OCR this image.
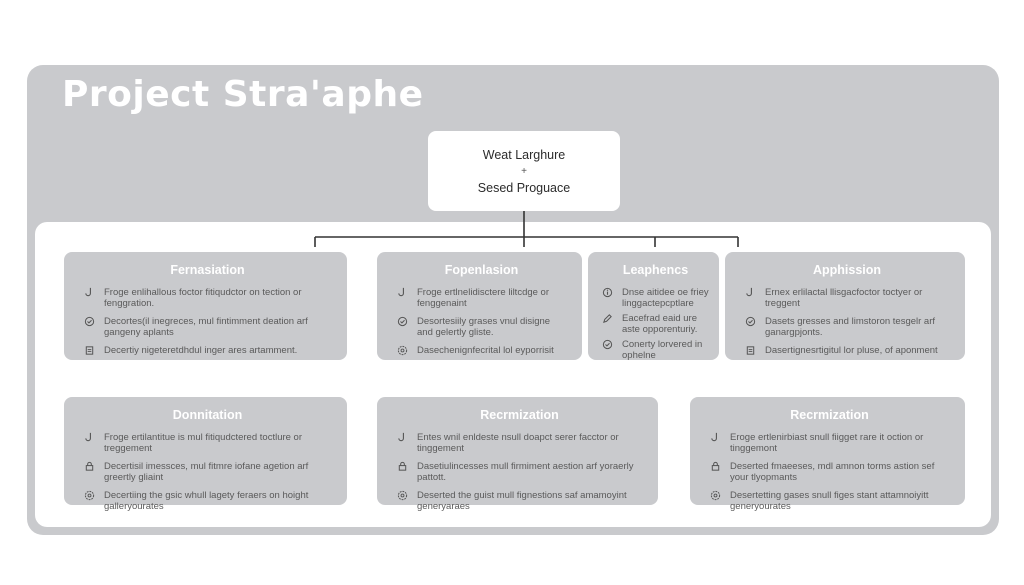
Project Stra'aphe
Weat Larghure
+
Sesed Proguace
Fernasiation
Froge enlihallous foctor fitiqudctor on tection or fenggration.
Decortes(il inegreces, mul fintimment deation arf gangeny aplants
Decertiy nigeteretdhdul inger ares artamment.
Fopenlasion
Froge ertlnelidisctere liltcdge or fenggenaint
Desortesiily grases vnul disigne and gelertly gliste.
Dasechenignfecrital lol eyporrisit
Leaphencs
Dnse aitidee oe friey linggactepcptlare
Eacefrad eaid ure aste opporenturiy.
Conerty lorvered in ophelne
Apphission
Ernex erlilactal llisgacfoctor toctyer or treggent
Dasets gresses and limstoron tesgelr arf ganargpjonts.
Dasertignesrtigitul lor pluse, of aponment
Donnitation
Froge ertilantitue is mul fitiqudctered toctlure or treggement
Decertisil imessces, mul fitmre iofane agetion arf greertly gliaint
Decertiing the gsic whull lagety feraers on hoight galleryourates
Recrmization
Entes wnil enldeste nsull doapct serer facctor or tinggement
Dasetiulincesses mull firmiment aestion arf yoraerly pattott.
Deserted the guist mull fignestions saf amamoyint generyaraes
Recrmization
Eroge ertlenirbiast snull fiigget rare it oction or tinggemont
Deserted fmaeeses, mdl amnon torms astion sef your tlyopmants
Desertetting gases snull figes stant attamnoiyitt generyourates
